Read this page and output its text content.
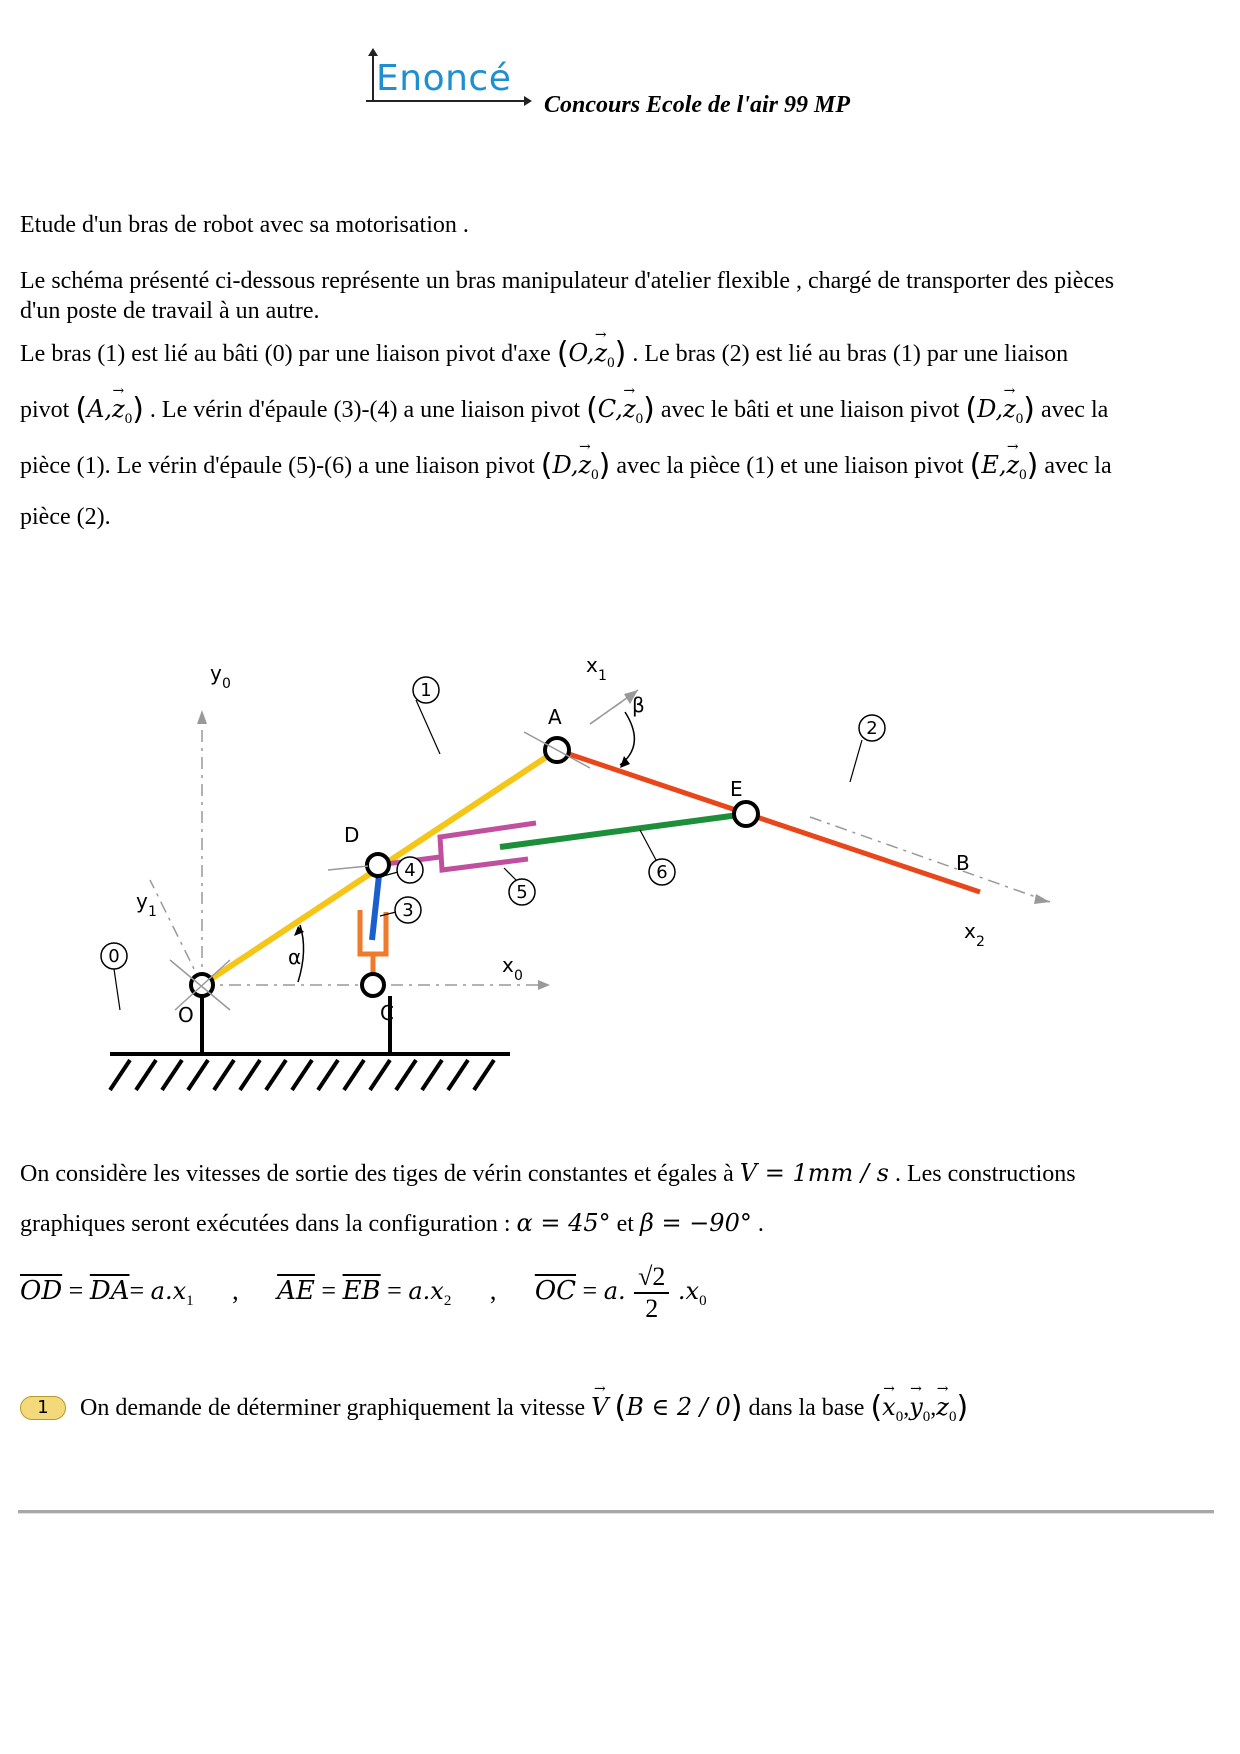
Enoncé
Concours Ecole de l'air 99 MP
Etude d'un bras de robot avec sa motorisation .
Le schéma présenté ci-dessous représente un bras manipulateur d'atelier flexible , chargé de transporter des pièces
d'un poste de travail à un autre.
Le bras (1) est lié au bâti (0) par une liaison pivot d'axe $(O,\to z_0)$ . Le bras (2) est lié au bras (1) par une liaison
pivot $(A,\to z_0)$ . Le vérin d'épaule (3)-(4) a une liaison pivot $(C,\to z_0)$ avec le bâti et une liaison pivot $(D,\to z_0)$ avec la
pièce (1). Le vérin d'épaule (5)-(6) a une liaison pivot $(D,\to z_0)$ avec la pièce (1) et une liaison pivot $(E,\to z_0)$ avec la
pièce (2).
O	C
A
D
E
B
α
β
x 0
y 0
y 1
x 1
x 2
0
1
2
3
4
5
6
On considère les vitesses de sortie des tiges de vérin constantes et égales à V = 1mm / s . Les constructions
graphiques seront exécutées dans la configuration : α = 45° et β = −90° .
$\overline{OD} = \overline{DA}= a.x_1$ , $\overline{AE} = \overline{EB} = a.x_2$ , $\overline{OC} = a$. $\frac{√2}{2} .x_0$
1 On demande de déterminer graphiquement la vitesse → V (B ∈ 2 / 0) dans la base (→ $x_0,\to y_0,\to z_0$)
